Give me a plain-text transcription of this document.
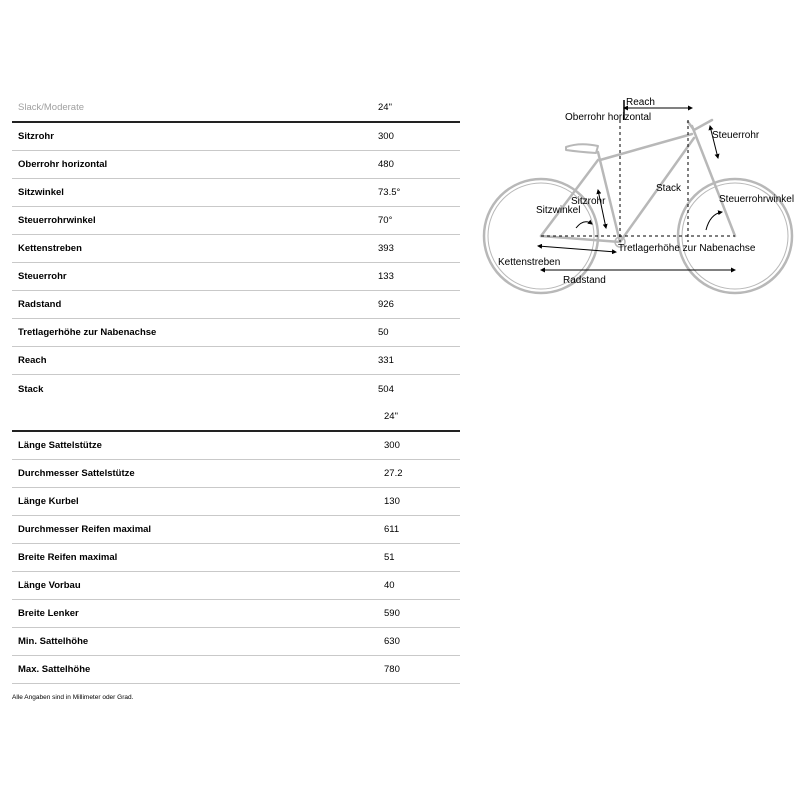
Slack/Moderate	24"
Sitzrohr	300
Oberrohr horizontal	480
Sitzwinkel	73.5°
Steuerrohrwinkel	70°
Kettenstreben	393
Steuerrohr	133
Radstand	926
Tretlagerhöhe zur Nabenachse	50
Reach	331
Stack	504
24"
Länge Sattelstütze	300
Durchmesser Sattelstütze	27.2
Länge Kurbel	130
Durchmesser Reifen maximal	611
Breite Reifen maximal	51
Länge Vorbau	40
Breite Lenker	590
Min. Sattelhöhe	630
Max. Sattelhöhe	780
Alle Angaben sind in Millimeter oder Grad.
Reach
Oberrohr horizontal
Steuerrohr
Stack
Sitzrohr
Sitzwinkel
Steuerrohrwinkel
Tretlagerhöhe zur Nabenachse
Kettenstreben
Radstand
